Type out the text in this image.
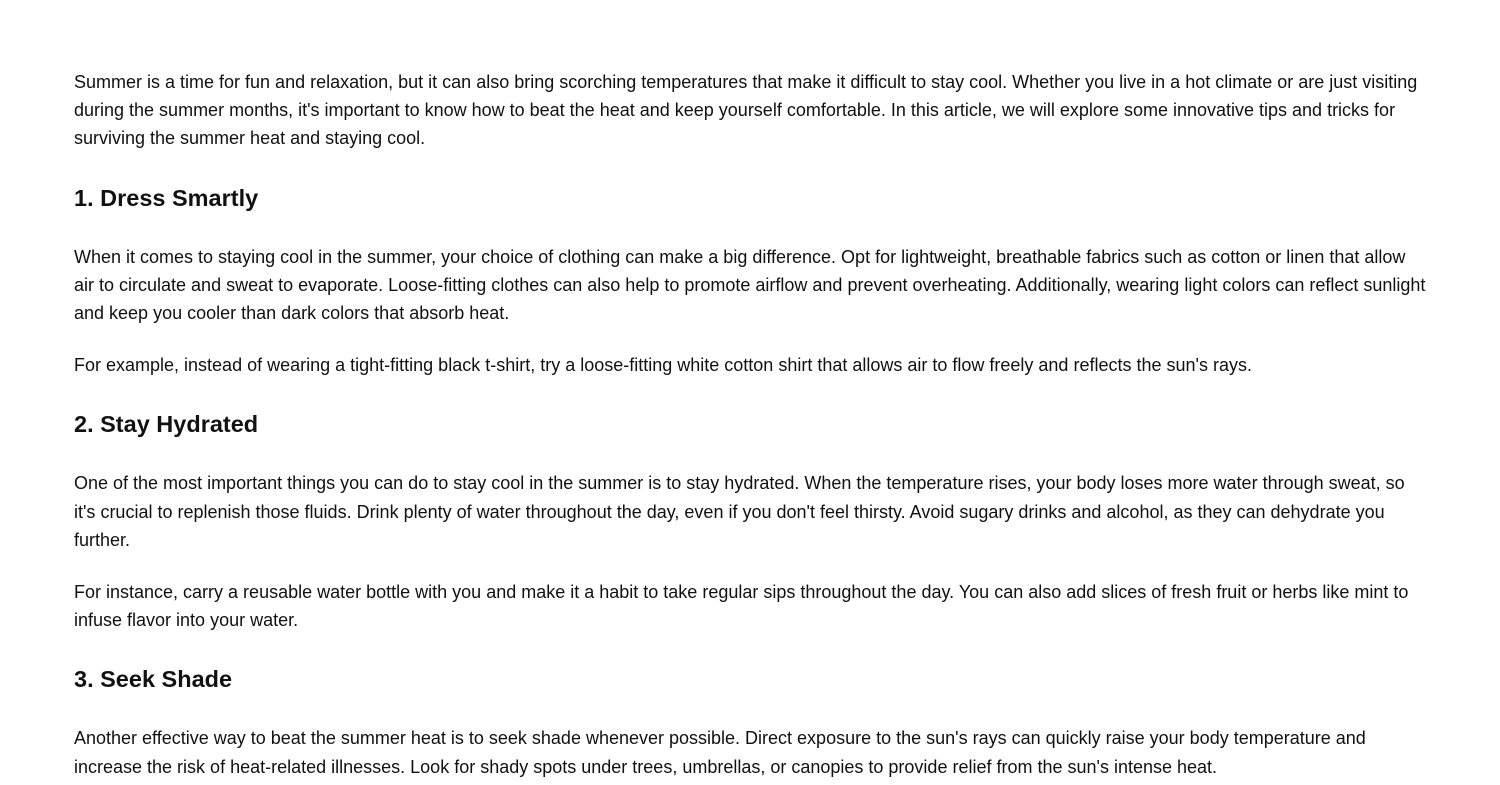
Summer is a time for fun and relaxation, but it can also bring scorching temperatures that make it difficult to stay cool. Whether you live in a hot climate or are just visiting during the summer months, it's important to know how to beat the heat and keep yourself comfortable. In this article, we will explore some innovative tips and tricks for surviving the summer heat and staying cool.

1. Dress Smartly

When it comes to staying cool in the summer, your choice of clothing can make a big difference. Opt for lightweight, breathable fabrics such as cotton or linen that allow air to circulate and sweat to evaporate. Loose-fitting clothes can also help to promote airflow and prevent overheating. Additionally, wearing light colors can reflect sunlight and keep you cooler than dark colors that absorb heat.

For example, instead of wearing a tight-fitting black t-shirt, try a loose-fitting white cotton shirt that allows air to flow freely and reflects the sun's rays.

2. Stay Hydrated

One of the most important things you can do to stay cool in the summer is to stay hydrated. When the temperature rises, your body loses more water through sweat, so it's crucial to replenish those fluids. Drink plenty of water throughout the day, even if you don't feel thirsty. Avoid sugary drinks and alcohol, as they can dehydrate you further.

For instance, carry a reusable water bottle with you and make it a habit to take regular sips throughout the day. You can also add slices of fresh fruit or herbs like mint to infuse flavor into your water.

3. Seek Shade

Another effective way to beat the summer heat is to seek shade whenever possible. Direct exposure to the sun's rays can quickly raise your body temperature and increase the risk of heat-related illnesses. Look for shady spots under trees, umbrellas, or canopies to provide relief from the sun's intense heat.
